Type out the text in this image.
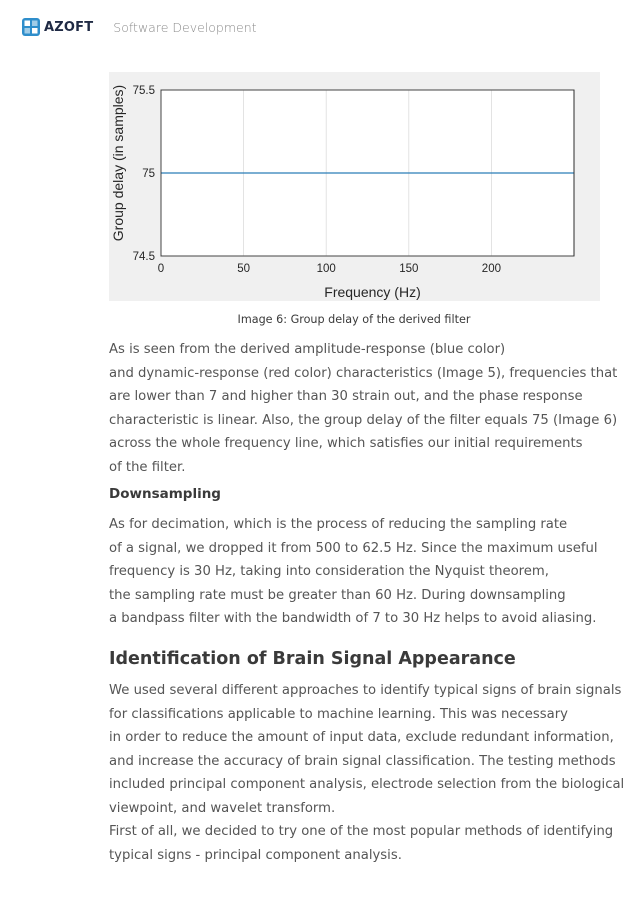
AZOFT Software Development
0	50	100	150	200
74.5
75
75.5
Frequency (Hz)
Group delay (in samples)
Image 6: Group delay of the derived filter
As is seen from the derived amplitude-response (blue color)
and dynamic-response (red color) characteristics (Image 5), frequencies that
are lower than 7 and higher than 30 strain out, and the phase response
characteristic is linear. Also, the group delay of the filter equals 75 (Image 6)
across the whole frequency line, which satisfies our initial requirements
of the filter.
Downsampling
As for decimation, which is the process of reducing the sampling rate
of a signal, we dropped it from 500 to 62.5 Hz. Since the maximum useful
frequency is 30 Hz, taking into consideration the Nyquist theorem,
the sampling rate must be greater than 60 Hz. During downsampling
a bandpass filter with the bandwidth of 7 to 30 Hz helps to avoid aliasing.
Identification of Brain Signal Appearance
We used several different approaches to identify typical signs of brain signals
for classifications applicable to machine learning. This was necessary
in order to reduce the amount of input data, exclude redundant information,
and increase the accuracy of brain signal classification. The testing methods
included principal component analysis, electrode selection from the biological
viewpoint, and wavelet transform.
First of all, we decided to try one of the most popular methods of identifying
typical signs - principal component analysis.
